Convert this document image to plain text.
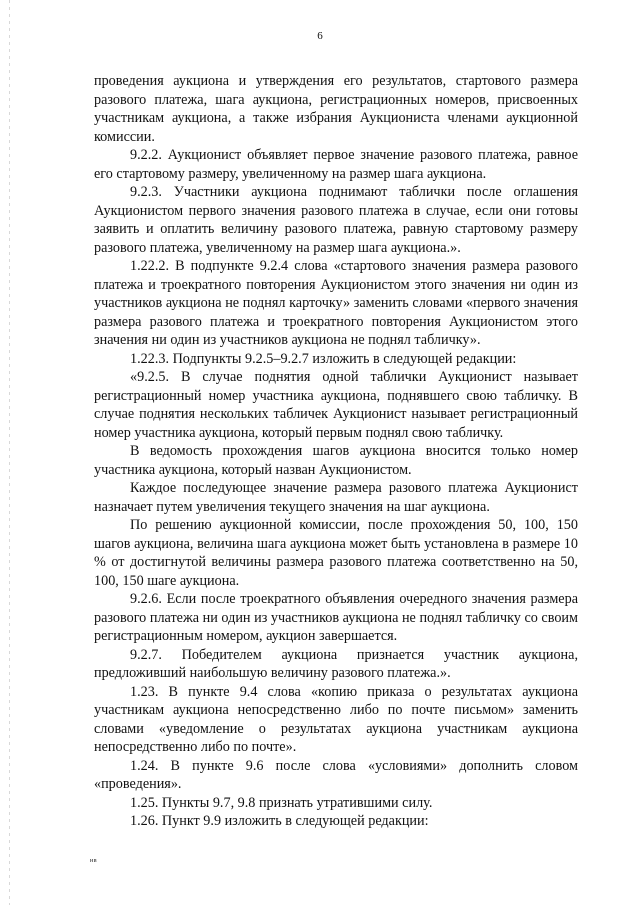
6

проведения аукциона и утверждения его результатов, стартового размера разового платежа, шага аукциона, регистрационных номеров, присвоенных участникам аукциона, а также избрания Аукциониста членами аукционной комиссии.

9.2.2. Аукционист объявляет первое значение разового платежа, равное его стартовому размеру, увеличенному на размер шага аукциона.

9.2.3. Участники аукциона поднимают таблички после оглашения Аукционистом первого значения разового платежа в случае, если они готовы заявить и оплатить величину разового платежа, равную стартовому размеру разового платежа, увеличенному на размер шага аукциона.».

1.22.2. В подпункте 9.2.4 слова «стартового значения размера разового платежа и троекратного повторения Аукционистом этого значения ни один из участников аукциона не поднял карточку» заменить словами «первого значения размера разового платежа и троекратного повторения Аукционистом этого значения ни один из участников аукциона не поднял табличку».

1.22.3. Подпункты 9.2.5–9.2.7 изложить в следующей редакции:

«9.2.5. В случае поднятия одной таблички Аукционист называет регистрационный номер участника аукциона, поднявшего свою табличку. В случае поднятия нескольких табличек Аукционист называет регистрационный номер участника аукциона, который первым поднял свою табличку.

В ведомость прохождения шагов аукциона вносится только номер участника аукциона, который назван Аукционистом.

Каждое последующее значение размера разового платежа Аукционист назначает путем увеличения текущего значения на шаг аукциона.

По решению аукционной комиссии, после прохождения 50, 100, 150 шагов аукциона, величина шага аукциона может быть установлена в размере 10 % от достигнутой величины размера разового платежа соответственно на 50, 100, 150 шаге аукциона.

9.2.6. Если после троекратного объявления очередного значения размера разового платежа ни один из участников аукциона не поднял табличку со своим регистрационным номером, аукцион завершается.

9.2.7. Победителем аукциона признается участник аукциона, предложивший наибольшую величину разового платежа.».

1.23. В пункте 9.4 слова «копию приказа о результатах аукциона участникам аукциона непосредственно либо по почте письмом» заменить словами «уведомление о результатах аукциона участникам аукциона непосредственно либо по почте».

1.24. В пункте 9.6 после слова «условиями» дополнить словом «проведения».

1.25. Пункты 9.7, 9.8 признать утратившими силу.

1.26. Пункт 9.9 изложить в следующей редакции:

нв
